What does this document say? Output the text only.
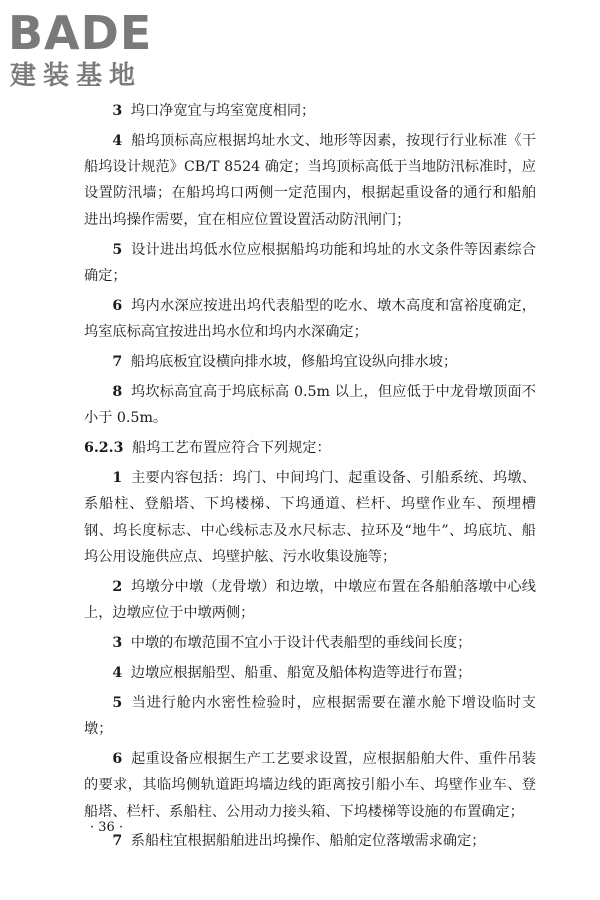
BADE
建装基地

3 坞口净宽宜与坞室宽度相同；

4 船坞顶标高应根据坞址水文、地形等因素，按现行行业标准《干船坞设计规范》CB/T 8524 确定；当坞顶标高低于当地防汛标准时，应设置防汛墙；在船坞坞口两侧一定范围内，根据起重设备的通行和船舶进出坞操作需要，宜在相应位置设置活动防汛闸门；

5 设计进出坞低水位应根据船坞功能和坞址的水文条件等因素综合确定；

6 坞内水深应按进出坞代表船型的吃水、墩木高度和富裕度确定，坞室底标高宜按进出坞水位和坞内水深确定；

7 船坞底板宜设横向排水坡，修船坞宜设纵向排水坡；

8 坞坎标高宜高于坞底标高 0.5m 以上，但应低于中龙骨墩顶面不小于 0.5m。

6.2.3 船坞工艺布置应符合下列规定：

1 主要内容包括：坞门、中间坞门、起重设备、引船系统、坞墩、系船柱、登船塔、下坞楼梯、下坞通道、栏杆、坞壁作业车、预埋槽钢、坞长度标志、中心线标志及水尺标志、拉环及“地牛”、坞底坑、船坞公用设施供应点、坞壁护舷、污水收集设施等；

2 坞墩分中墩（龙骨墩）和边墩，中墩应布置在各船舶落墩中心线上，边墩应位于中墩两侧；

3 中墩的布墩范围不宜小于设计代表船型的垂线间长度；

4 边墩应根据船型、船重、船宽及船体构造等进行布置；

5 当进行舱内水密性检验时，应根据需要在灌水舱下增设临时支墩；

6 起重设备应根据生产工艺要求设置，应根据船舶大件、重件吊装的要求，其临坞侧轨道距坞墙边线的距离按引船小车、坞壁作业车、登船塔、栏杆、系船柱、公用动力接头箱、下坞楼梯等设施的布置确定；

7 系船柱宜根据船舶进出坞操作、船舶定位落墩需求确定；

· 36 ·
